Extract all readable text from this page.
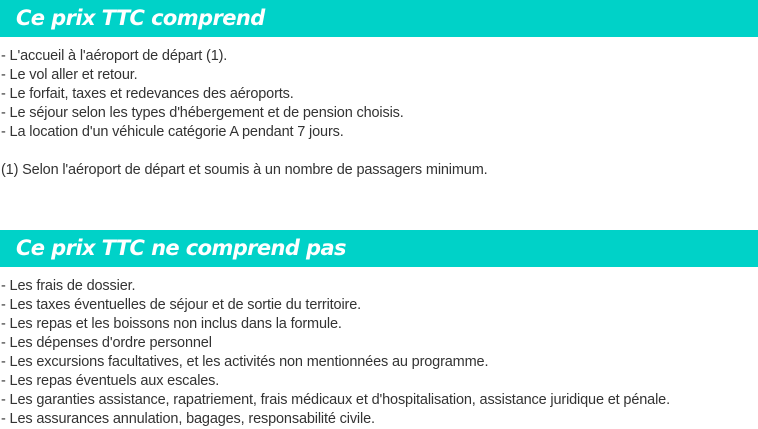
Ce prix TTC comprend
- L'accueil à l'aéroport de départ (1).
- Le vol aller et retour.
- Le forfait, taxes et redevances des aéroports.
- Le séjour selon les types d'hébergement et de pension choisis.
- La location d'un véhicule catégorie A pendant 7 jours.
(1) Selon l'aéroport de départ et soumis à un nombre de passagers minimum.
Ce prix TTC ne comprend pas
- Les frais de dossier.
- Les taxes éventuelles de séjour et de sortie du territoire.
- Les repas et les boissons non inclus dans la formule.
- Les dépenses d'ordre personnel
- Les excursions facultatives, et les activités non mentionnées au programme.
- Les repas éventuels aux escales.
- Les garanties assistance, rapatriement, frais médicaux et d'hospitalisation, assistance juridique et pénale.
- Les assurances annulation, bagages, responsabilité civile.
